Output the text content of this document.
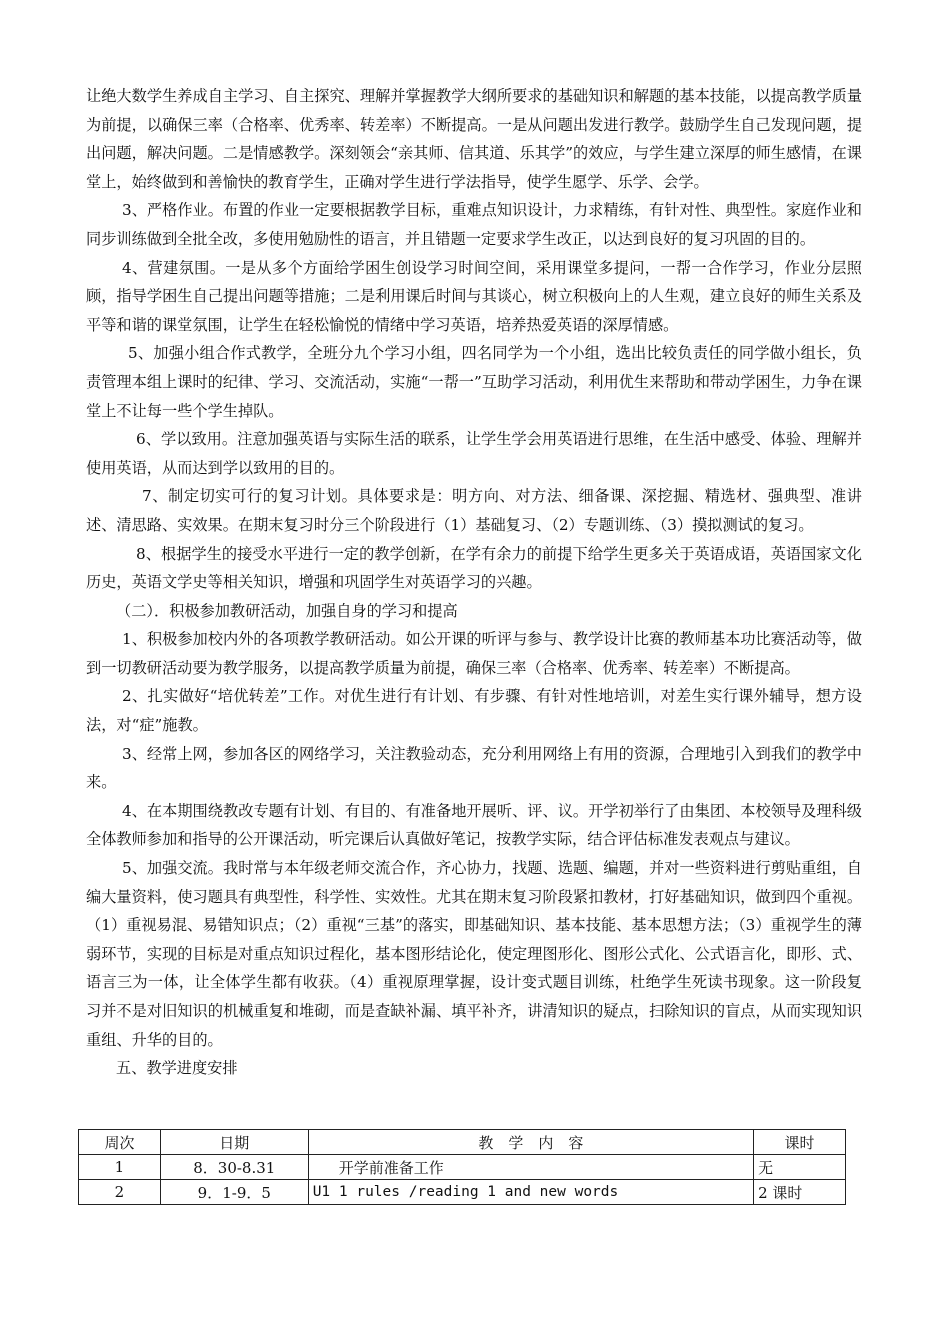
让绝大数学生养成自主学习、自主探究、理解并掌握教学大纲所要求的基础知识和解题的基本技能，以提高教学质量为前提，以确保三率（合格率、优秀率、转差率）不断提高。一是从问题出发进行教学。鼓励学生自己发现问题，提出问题，解决问题。二是情感教学。深刻领会“亲其师、信其道、乐其学”的效应，与学生建立深厚的师生感情，在课堂上，始终做到和善愉快的教育学生，正确对学生进行学法指导，使学生愿学、乐学、会学。

3、严格作业。布置的作业一定要根据教学目标，重难点知识设计，力求精练，有针对性、典型性。家庭作业和同步训练做到全批全改，多使用勉励性的语言，并且错题一定要求学生改正，以达到良好的复习巩固的目的。

4、营建氛围。一是从多个方面给学困生创设学习时间空间，采用课堂多提问，一帮一合作学习，作业分层照顾，指导学困生自己提出问题等措施；二是利用课后时间与其谈心，树立积极向上的人生观，建立良好的师生关系及平等和谐的课堂氛围，让学生在轻松愉悦的情绪中学习英语，培养热爱英语的深厚情感。

5、加强小组合作式教学，全班分九个学习小组，四名同学为一个小组，选出比较负责任的同学做小组长，负责管理本组上课时的纪律、学习、交流活动，实施“一帮一”互助学习活动，利用优生来帮助和带动学困生，力争在课堂上不让每一些个学生掉队。

6、学以致用。注意加强英语与实际生活的联系，让学生学会用英语进行思维，在生活中感受、体验、理解并使用英语，从而达到学以致用的目的。

7、制定切实可行的复习计划。具体要求是：明方向、对方法、细备课、深挖掘、精选材、强典型、准讲述、清思路、实效果。在期末复习时分三个阶段进行（1）基础复习、（2）专题训练、（3）摸拟测试的复习。

8、根据学生的接受水平进行一定的教学创新，在学有余力的前提下给学生更多关于英语成语，英语国家文化历史，英语文学史等相关知识，增强和巩固学生对英语学习的兴趣。

（二）．积极参加教研活动，加强自身的学习和提高

1、积极参加校内外的各项教学教研活动。如公开课的听评与参与、教学设计比赛的教师基本功比赛活动等，做到一切教研活动要为教学服务，以提高教学质量为前提，确保三率（合格率、优秀率、转差率）不断提高。

2、扎实做好“培优转差”工作。对优生进行有计划、有步骤、有针对性地培训，对差生实行课外辅导，想方设法，对“症”施教。

3、经常上网，参加各区的网络学习，关注教验动态，充分利用网络上有用的资源，合理地引入到我们的教学中来。

4、在本期围绕教改专题有计划、有目的、有准备地开展听、评、议。开学初举行了由集团、本校领导及理科级全体教师参加和指导的公开课活动，听完课后认真做好笔记，按教学实际，结合评估标准发表观点与建议。

5、加强交流。我时常与本年级老师交流合作，齐心协力，找题、选题、编题，并对一些资料进行剪贴重组，自编大量资料，使习题具有典型性，科学性、实效性。尤其在期末复习阶段紧扣教材，打好基础知识，做到四个重视。（1）重视易混、易错知识点；（2）重视“三基”的落实，即基础知识、基本技能、基本思想方法；（3）重视学生的薄弱环节，实现的目标是对重点知识过程化，基本图形结论化，使定理图形化、图形公式化、公式语言化，即形、式、语言三为一体，让全体学生都有收获。（4）重视原理掌握，设计变式题目训练，杜绝学生死读书现象。这一阶段复习并不是对旧知识的机械重复和堆砌，而是查缺补漏、填平补齐，讲清知识的疑点，扫除知识的盲点，从而实现知识重组、升华的目的。

五、教学进度安排

周次	日期	教　学　内　容	课时
1	8．30-8.31	开学前准备工作	无
2	9．1-9．5	U1 1 rules /reading 1 and new words	2 课时
